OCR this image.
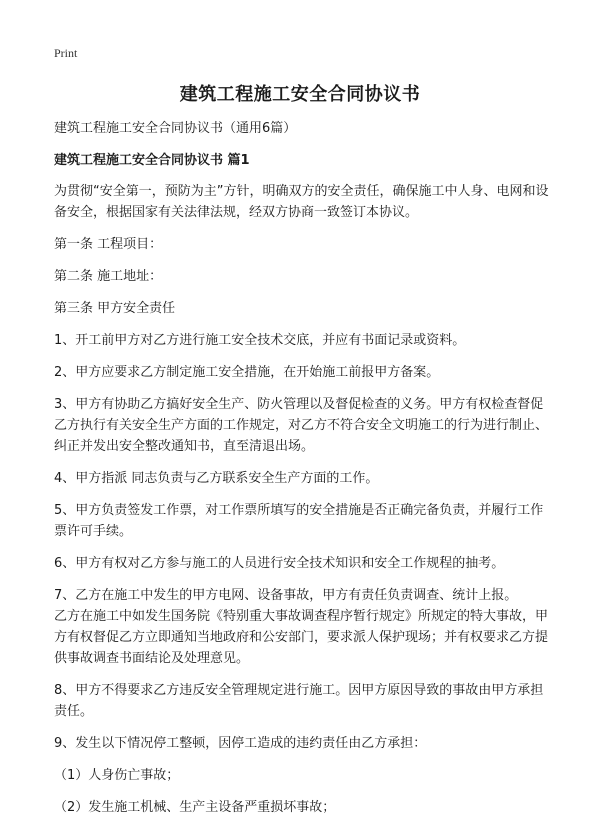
Print
建筑工程施工安全合同协议书

建筑工程施工安全合同协议书（通用6篇）

建筑工程施工安全合同协议书 篇1

为贯彻“安全第一，预防为主”方针，明确双方的安全责任，确保施工中人身、电网和设备安全，根据国家有关法律法规，经双方协商一致签订本协议。

第一条 工程项目：

第二条 施工地址：

第三条 甲方安全责任

1、开工前甲方对乙方进行施工安全技术交底，并应有书面记录或资料。

2、甲方应要求乙方制定施工安全措施，在开始施工前报甲方备案。

3、甲方有协助乙方搞好安全生产、防火管理以及督促检查的义务。甲方有权检查督促乙方执行有关安全生产方面的工作规定，对乙方不符合安全文明施工的行为进行制止、纠正并发出安全整改通知书，直至清退出场。

4、甲方指派 同志负责与乙方联系安全生产方面的工作。

5、甲方负责签发工作票，对工作票所填写的安全措施是否正确完备负责，并履行工作票许可手续。

6、甲方有权对乙方参与施工的人员进行安全技术知识和安全工作规程的抽考。

7、乙方在施工中发生的甲方电网、设备事故，甲方有责任负责调查、统计上报。

乙方在施工中如发生国务院《特别重大事故调查程序暂行规定》所规定的特大事故，甲方有权督促乙方立即通知当地政府和公安部门，要求派人保护现场；并有权要求乙方提供事故调查书面结论及处理意见。

8、甲方不得要求乙方违反安全管理规定进行施工。因甲方原因导致的事故由甲方承担责任。

9、发生以下情况停工整顿，因停工造成的违约责任由乙方承担：

（1）人身伤亡事故；

（2）发生施工机械、生产主设备严重损坏事故；
